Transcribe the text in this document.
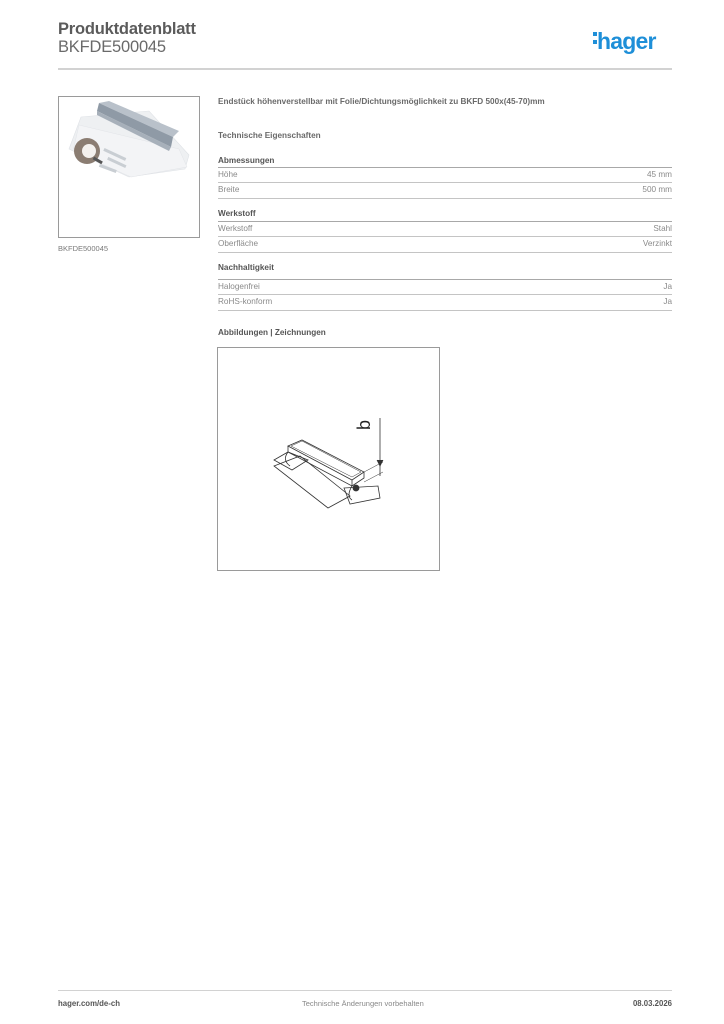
Produktdatenblatt
BKFDE500045	hager
BKFDE500045
Endstück höhenverstellbar mit Folie/Dichtungsmöglichkeit zu BKFD 500x(45-70)mm
Technische Eigenschaften
Abmessungen
Höhe	45 mm
Breite	500 mm
Werkstoff
Werkstoff	Stahl
Oberfläche	Verzinkt
Nachhaltigkeit
Halogenfrei	Ja
RoHS-konform	Ja
Abbildungen | Zeichnungen
b
hager.com/de-ch	Technische Änderungen vorbehalten	08.03.2026
